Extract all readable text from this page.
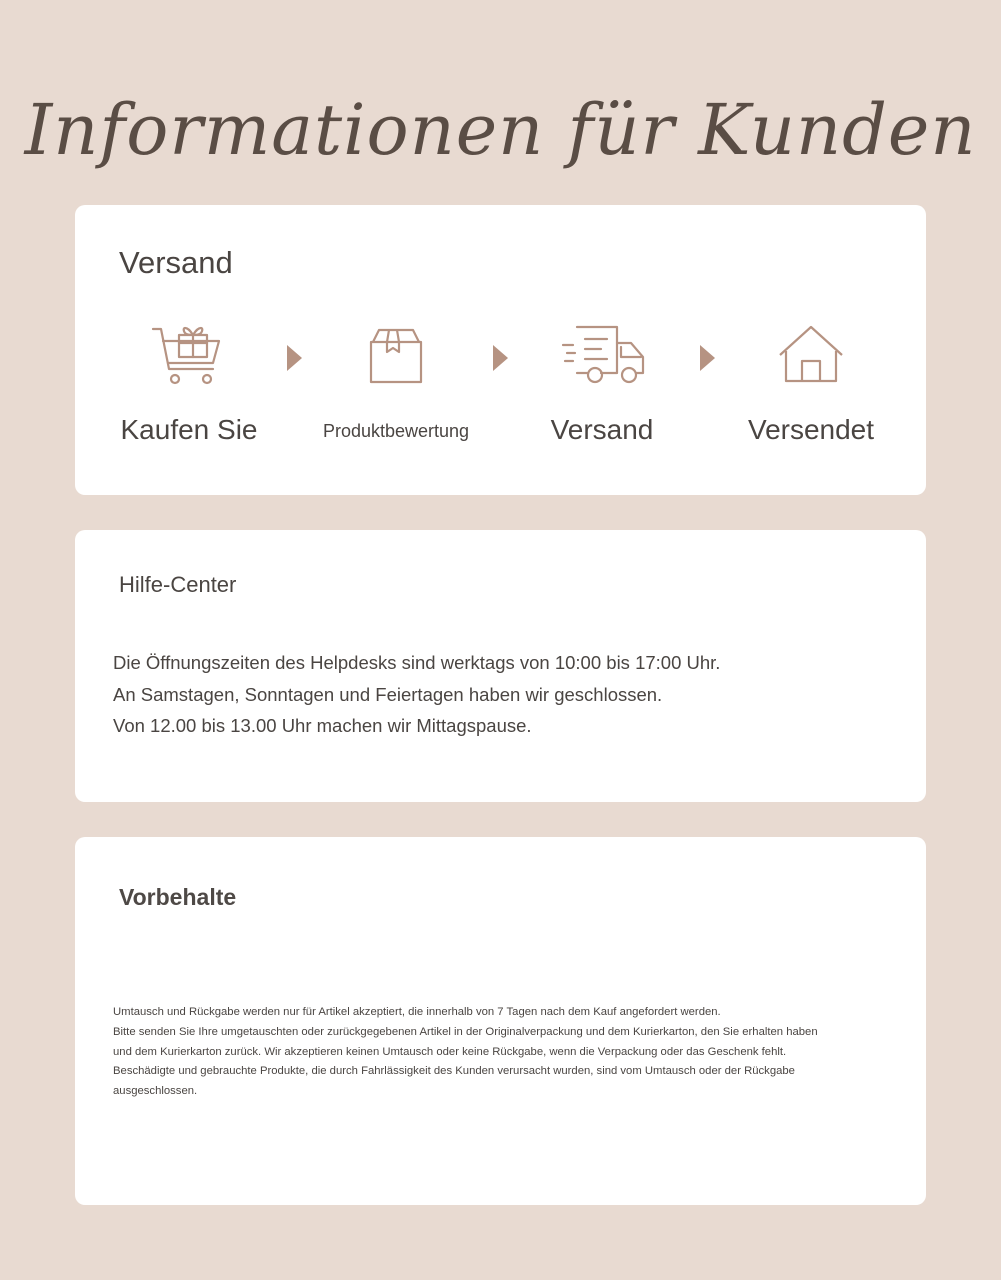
Informationen für Kunden
Versand
Kaufen Sie	Produktbewertung	Versand	Versendet
Hilfe-Center
Die Öffnungszeiten des Helpdesks sind werktags von 10:00 bis 17:00 Uhr.
An Samstagen, Sonntagen und Feiertagen haben wir geschlossen.
Von 12.00 bis 13.00 Uhr machen wir Mittagspause.
Vorbehalte
Umtausch und Rückgabe werden nur für Artikel akzeptiert, die innerhalb von 7 Tagen nach dem Kauf angefordert werden.
Bitte senden Sie Ihre umgetauschten oder zurückgegebenen Artikel in der Originalverpackung und dem Kurierkarton, den Sie erhalten haben
und dem Kurierkarton zurück. Wir akzeptieren keinen Umtausch oder keine Rückgabe, wenn die Verpackung oder das Geschenk fehlt.
Beschädigte und gebrauchte Produkte, die durch Fahrlässigkeit des Kunden verursacht wurden, sind vom Umtausch oder der Rückgabe
ausgeschlossen.
